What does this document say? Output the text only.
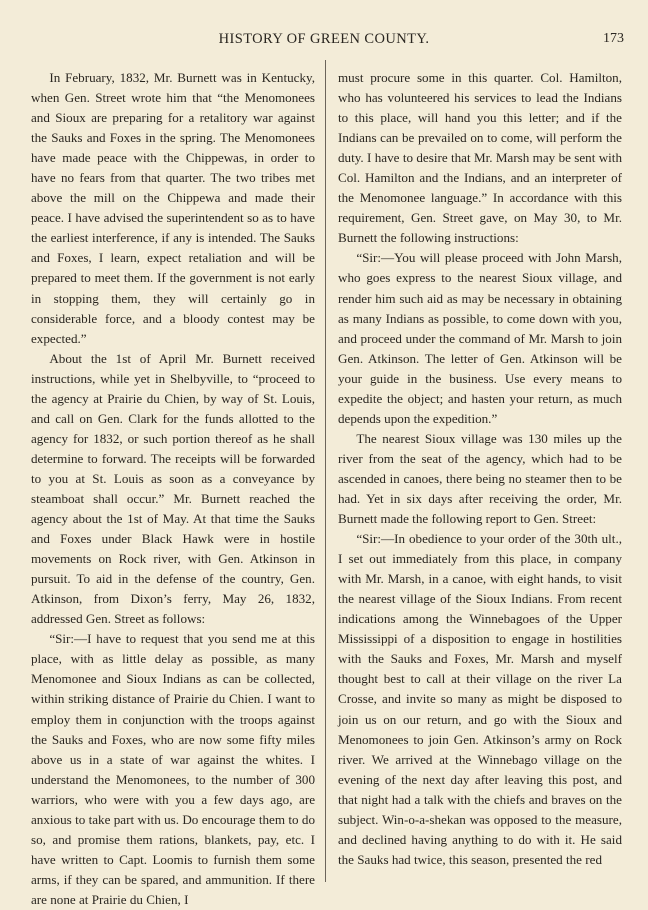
HISTORY OF GREEN COUNTY.	173

In February, 1832, Mr. Burnett was in Kentucky, when Gen. Street wrote him that “the Menomonees and Sioux are preparing for a retalitory war against the Sauks and Foxes in the spring. The Menomonees have made peace with the Chippewas, in order to have no fears from that quarter. The two tribes met above the mill on the Chippewa and made their peace. I have advised the superintendent so as to have the earliest interference, if any is intended. The Sauks and Foxes, I learn, expect retaliation and will be prepared to meet them. If the government is not early in stopping them, they will certainly go in considerable force, and a bloody contest may be expected.”

About the 1st of April Mr. Burnett received instructions, while yet in Shelbyville, to “proceed to the agency at Prairie du Chien, by way of St. Louis, and call on Gen. Clark for the funds allotted to the agency for 1832, or such portion thereof as he shall determine to forward. The receipts will be forwarded to you at St. Louis as soon as a conveyance by steamboat shall occur.” Mr. Burnett reached the agency about the 1st of May. At that time the Sauks and Foxes under Black Hawk were in hostile movements on Rock river, with Gen. Atkinson in pursuit. To aid in the defense of the country, Gen. Atkinson, from Dixon’s ferry, May 26, 1832, addressed Gen. Street as follows:

“Sir:—I have to request that you send me at this place, with as little delay as possible, as many Menomonee and Sioux Indians as can be collected, within striking distance of Prairie du Chien. I want to employ them in conjunction with the troops against the Sauks and Foxes, who are now some fifty miles above us in a state of war against the whites. I understand the Menomonees, to the number of 300 warriors, who were with you a few days ago, are anxious to take part with us. Do encourage them to do so, and promise them rations, blankets, pay, etc. I have written to Capt. Loomis to furnish them some arms, if they can be spared, and ammunition. If there are none at Prairie du Chien, I

must procure some in this quarter. Col. Hamilton, who has volunteered his services to lead the Indians to this place, will hand you this letter; and if the Indians can be prevailed on to come, will perform the duty. I have to desire that Mr. Marsh may be sent with Col. Hamilton and the Indians, and an interpreter of the Menomonee language.” In accordance with this requirement, Gen. Street gave, on May 30, to Mr. Burnett the following instructions:

“Sir:—You will please proceed with John Marsh, who goes express to the nearest Sioux village, and render him such aid as may be necessary in obtaining as many Indians as possible, to come down with you, and proceed under the command of Mr. Marsh to join Gen. Atkinson. The letter of Gen. Atkinson will be your guide in the business. Use every means to expedite the object; and hasten your return, as much depends upon the expedition.”

The nearest Sioux village was 130 miles up the river from the seat of the agency, which had to be ascended in canoes, there being no steamer then to be had. Yet in six days after receiving the order, Mr. Burnett made the following report to Gen. Street:

“Sir:—In obedience to your order of the 30th ult., I set out immediately from this place, in company with Mr. Marsh, in a canoe, with eight hands, to visit the nearest village of the Sioux Indians. From recent indications among the Winnebagoes of the Upper Mississippi of a disposition to engage in hostilities with the Sauks and Foxes, Mr. Marsh and myself thought best to call at their village on the river La Crosse, and invite so many as might be disposed to join us on our return, and go with the Sioux and Menomonees to join Gen. Atkinson’s army on Rock river. We arrived at the Winnebago village on the evening of the next day after leaving this post, and that night had a talk with the chiefs and braves on the subject. Win-o-a-shekan was opposed to the measure, and declined having anything to do with it. He said the Sauks had twice, this season, presented the red
